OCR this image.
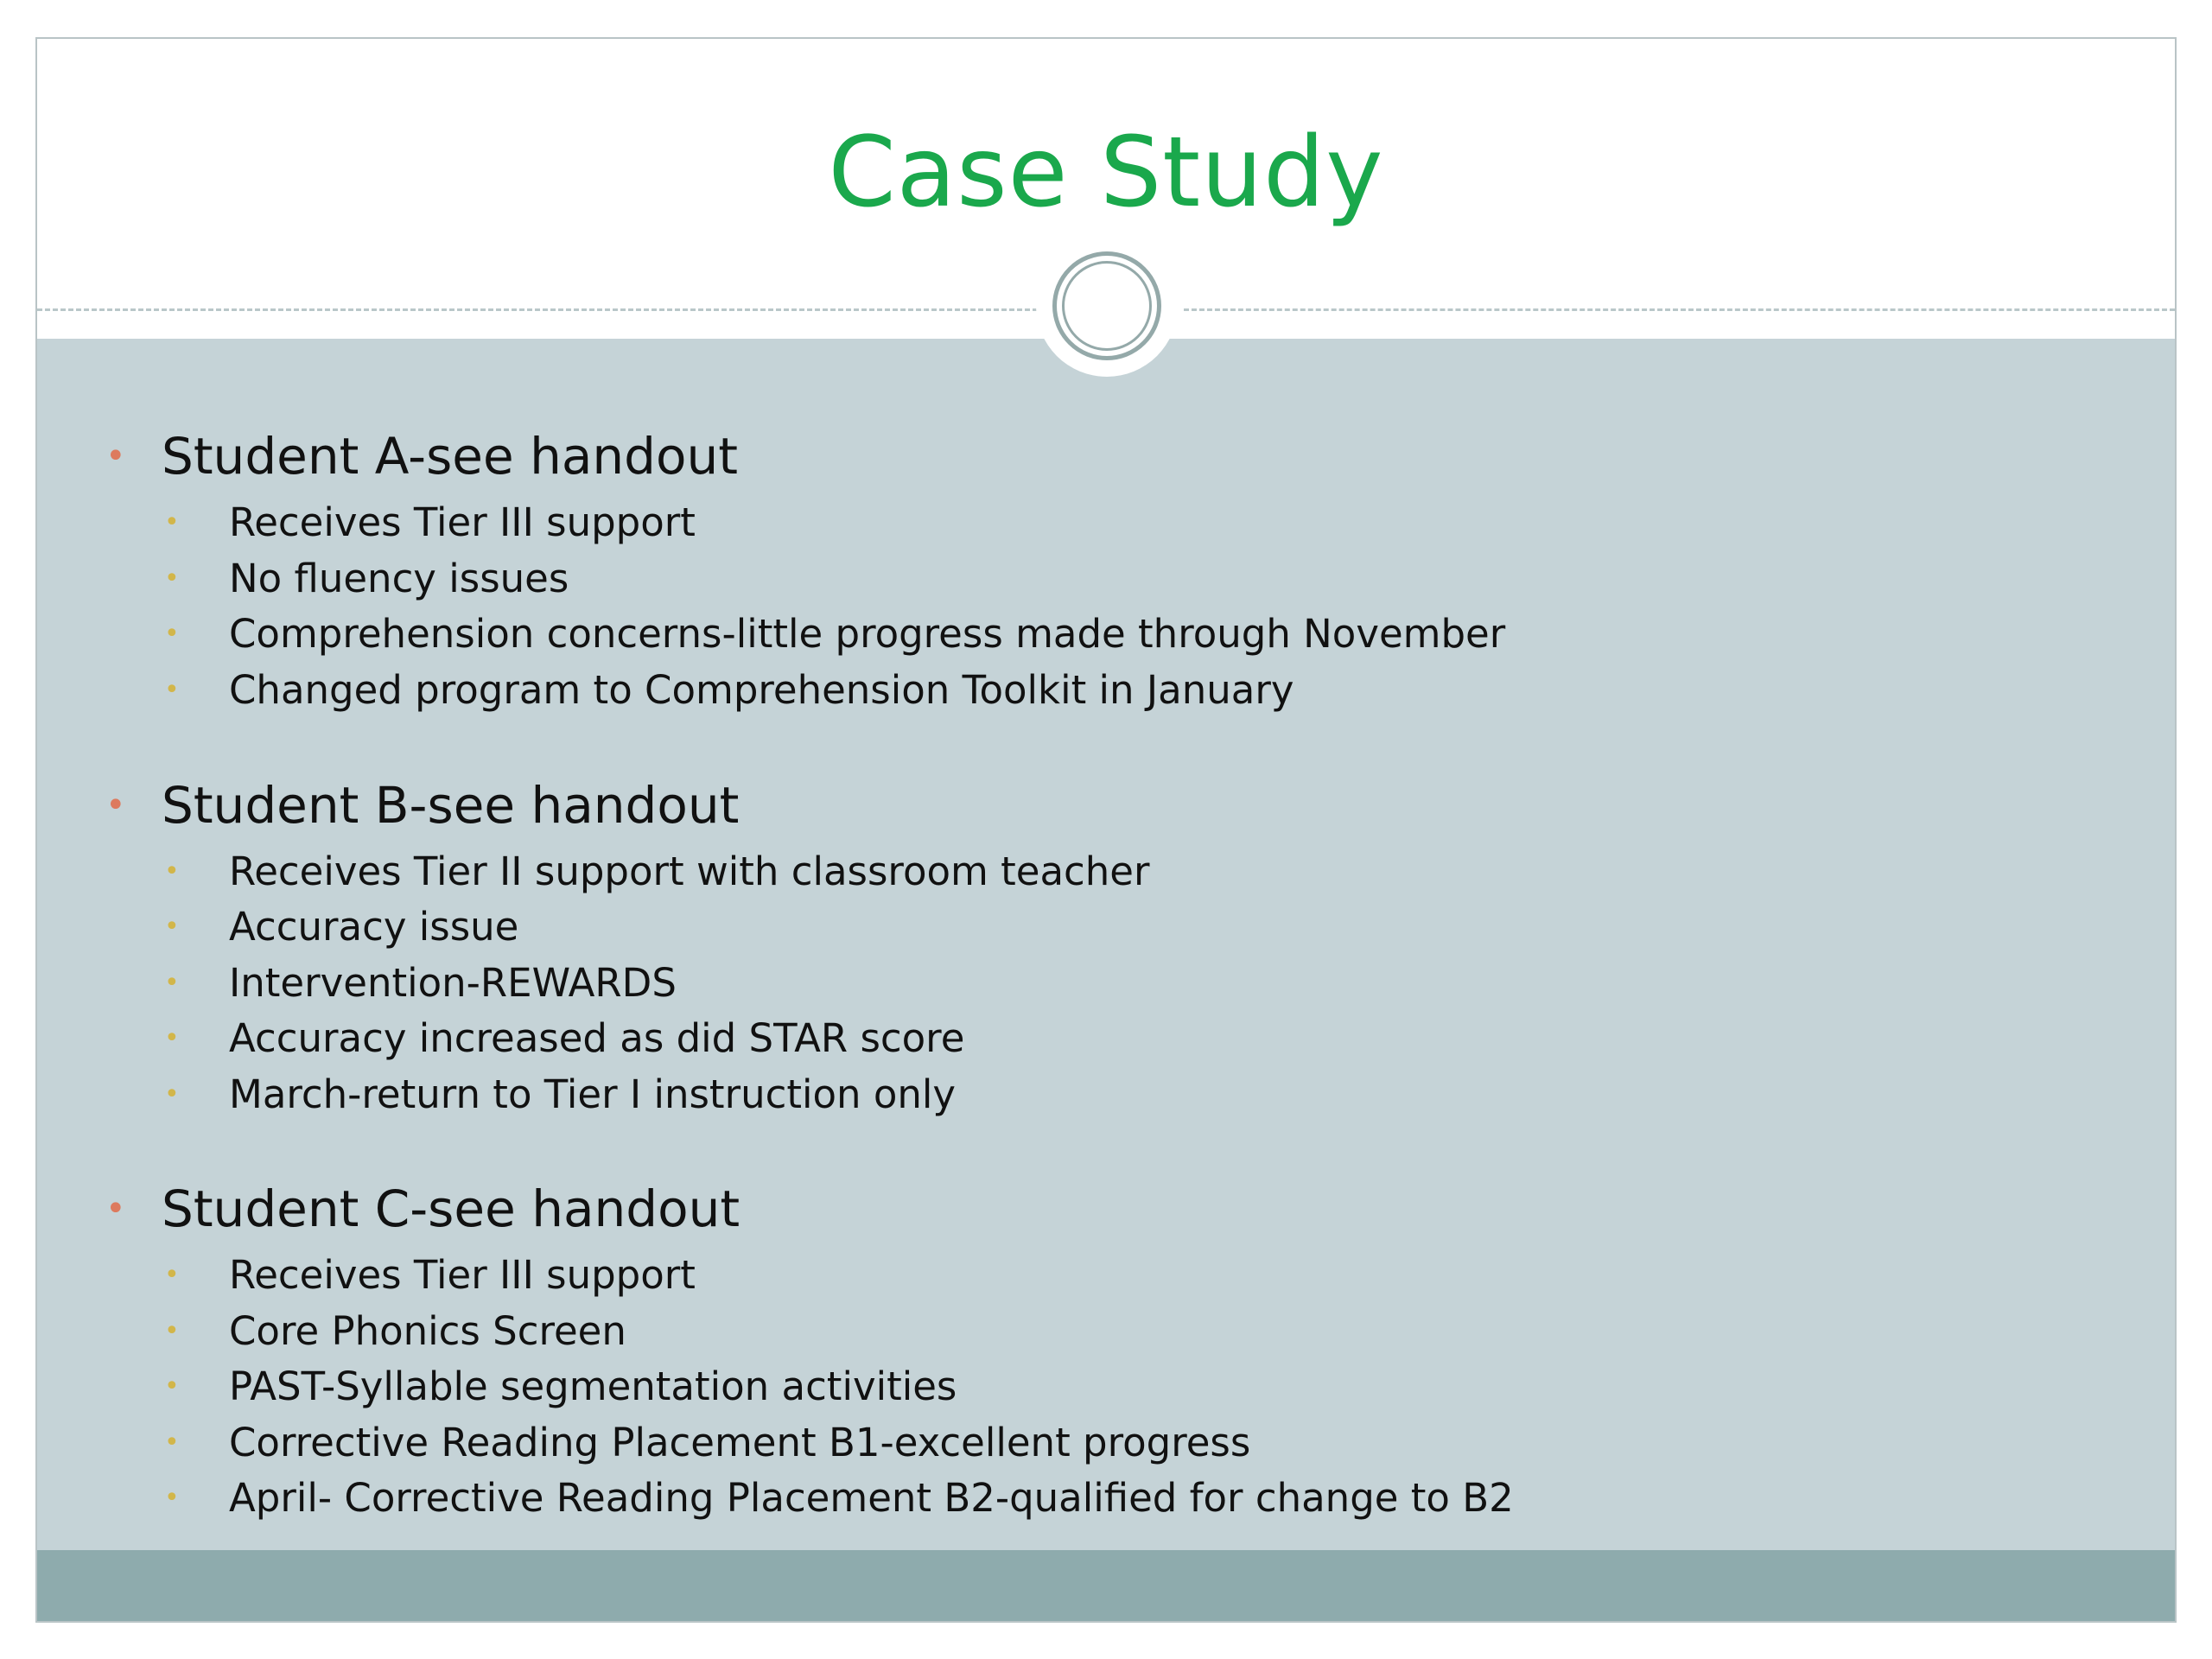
Case Study
• Student A-see handout
• Receives Tier III support
• No fluency issues
• Comprehension concerns-little progress made through November
• Changed program to Comprehension Toolkit in January
• Student B-see handout
• Receives Tier II support with classroom teacher
• Accuracy issue
• Intervention-REWARDS
• Accuracy increased as did STAR score
• March-return to Tier I instruction only
• Student C-see handout
• Receives Tier III support
• Core Phonics Screen
• PAST-Syllable segmentation activities
• Corrective Reading Placement B1-excellent progress
• April- Corrective Reading Placement B2-qualified for change to B2
